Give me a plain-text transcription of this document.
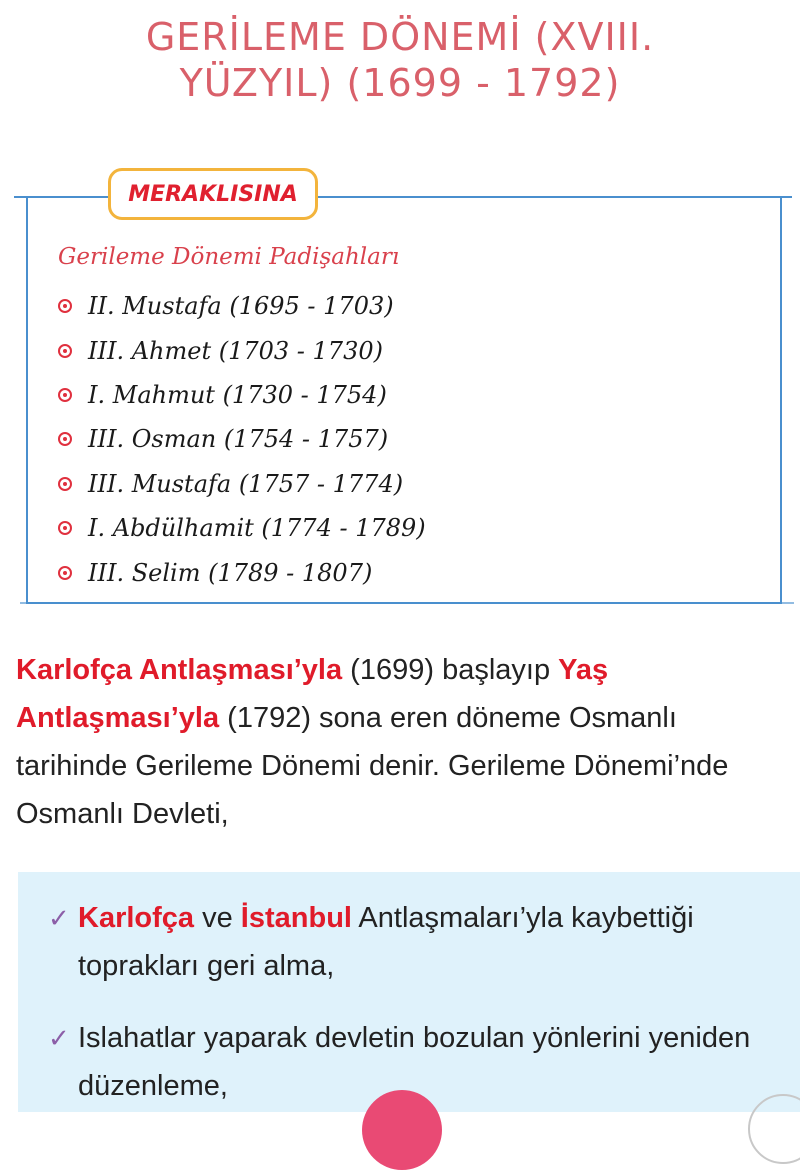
GERİLEME DÖNEMİ (XVIII.
YÜZYIL) (1699 - 1792)
MERAKLISINA
Gerileme Dönemi Padişahları
II. Mustafa (1695 - 1703)
III. Ahmet (1703 - 1730)
I. Mahmut (1730 - 1754)
III. Osman (1754 - 1757)
III. Mustafa (1757 - 1774)
I. Abdülhamit (1774 - 1789)
III. Selim (1789 - 1807)
Karlofça Antlaşması’yla (1699) başlayıp Yaş Antlaşması’yla (1792) sona eren döneme Osmanlı tarihinde Gerileme Dönemi denir. Gerileme Dönemi’nde Osmanlı Devleti,
✓ Karlofça ve İstanbul Antlaşmaları’yla kaybettiği toprakları geri alma,
✓ Islahatlar yaparak devletin bozulan yönlerini yeniden düzenleme,
